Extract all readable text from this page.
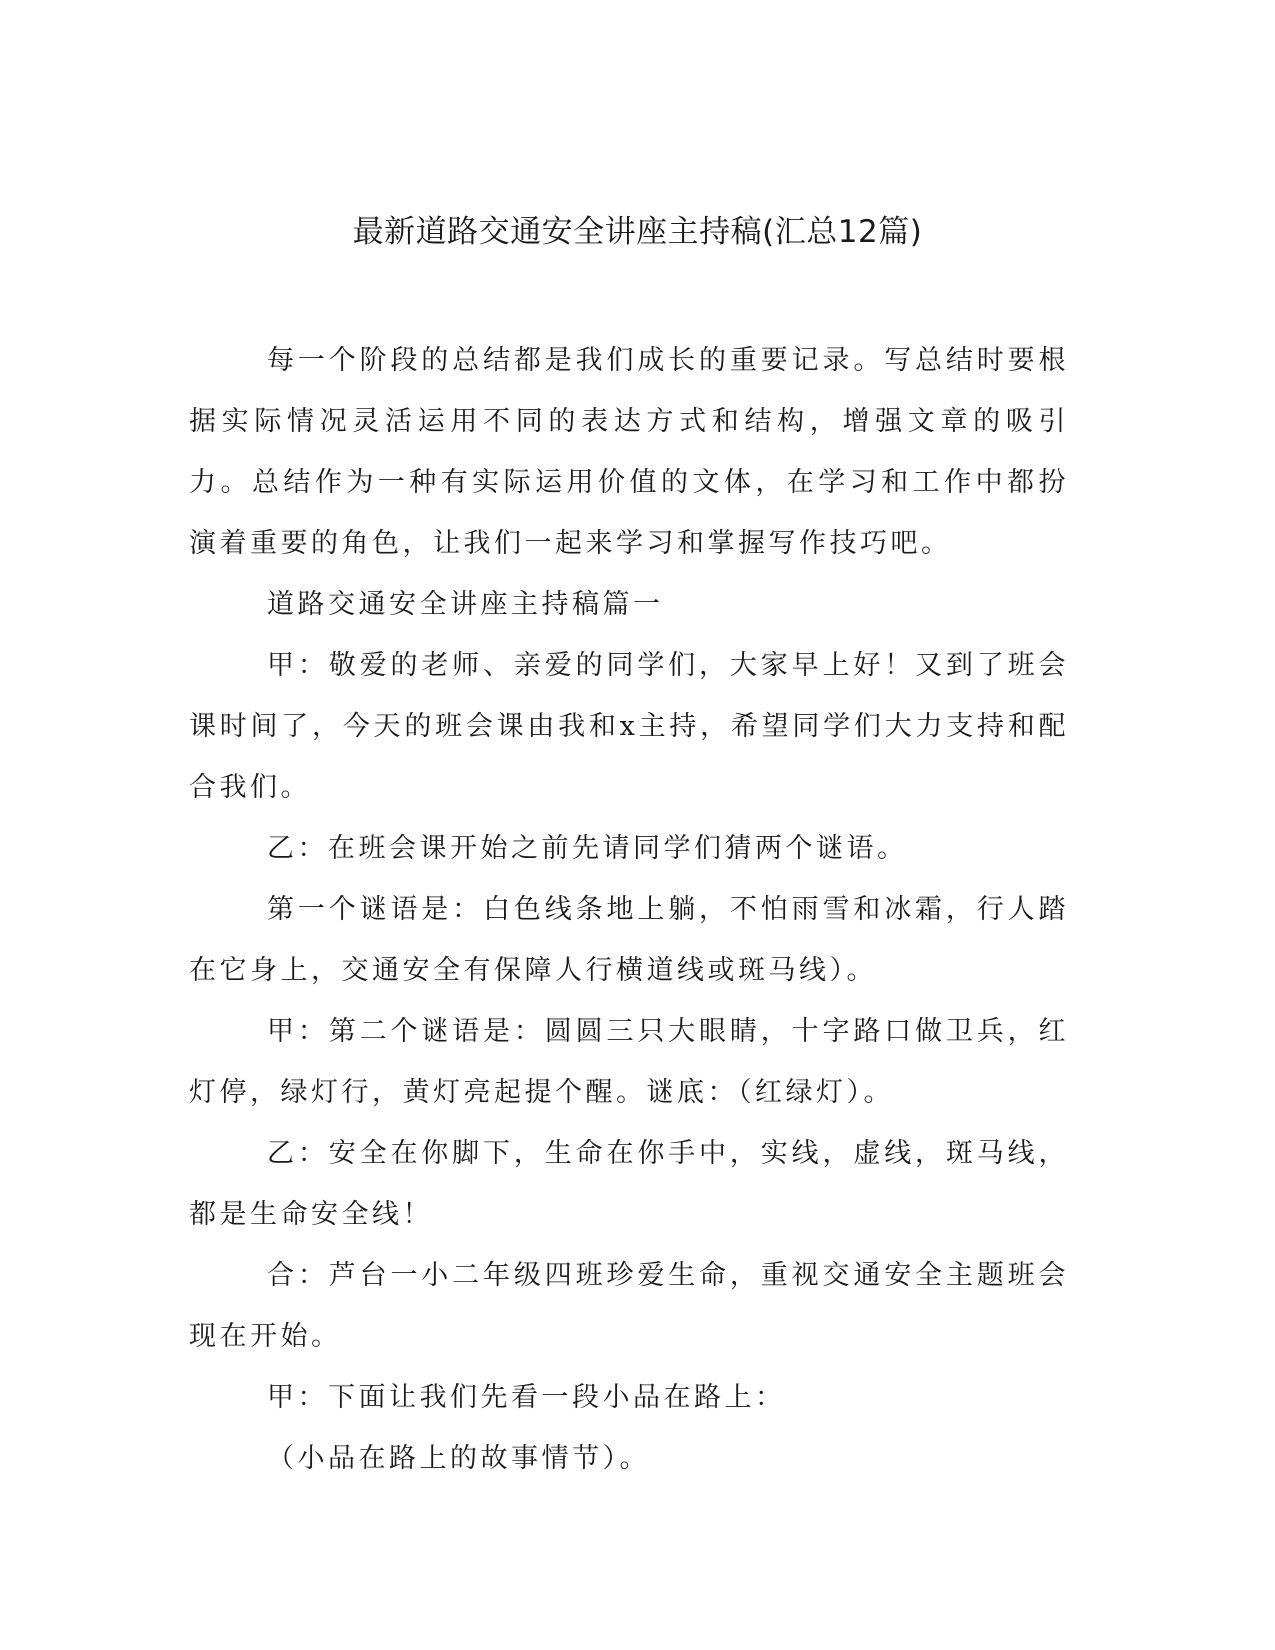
最新道路交通安全讲座主持稿(汇总12篇)

每一个阶段的总结都是我们成长的重要记录。写总结时要根据实际情况灵活运用不同的表达方式和结构，增强文章的吸引力。总结作为一种有实际运用价值的文体，在学习和工作中都扮演着重要的角色，让我们一起来学习和掌握写作技巧吧。

道路交通安全讲座主持稿篇一

甲：敬爱的老师、亲爱的同学们，大家早上好！又到了班会课时间了，今天的班会课由我和x主持，希望同学们大力支持和配合我们。

乙：在班会课开始之前先请同学们猜两个谜语。

第一个谜语是：白色线条地上躺，不怕雨雪和冰霜，行人踏在它身上，交通安全有保障人行横道线或斑马线）。

甲：第二个谜语是：圆圆三只大眼睛，十字路口做卫兵，红灯停，绿灯行，黄灯亮起提个醒。谜底：（红绿灯）。

乙：安全在你脚下，生命在你手中，实线，虚线，斑马线，都是生命安全线！

合：芦台一小二年级四班珍爱生命，重视交通安全主题班会现在开始。

甲：下面让我们先看一段小品在路上：

（小品在路上的故事情节）。
